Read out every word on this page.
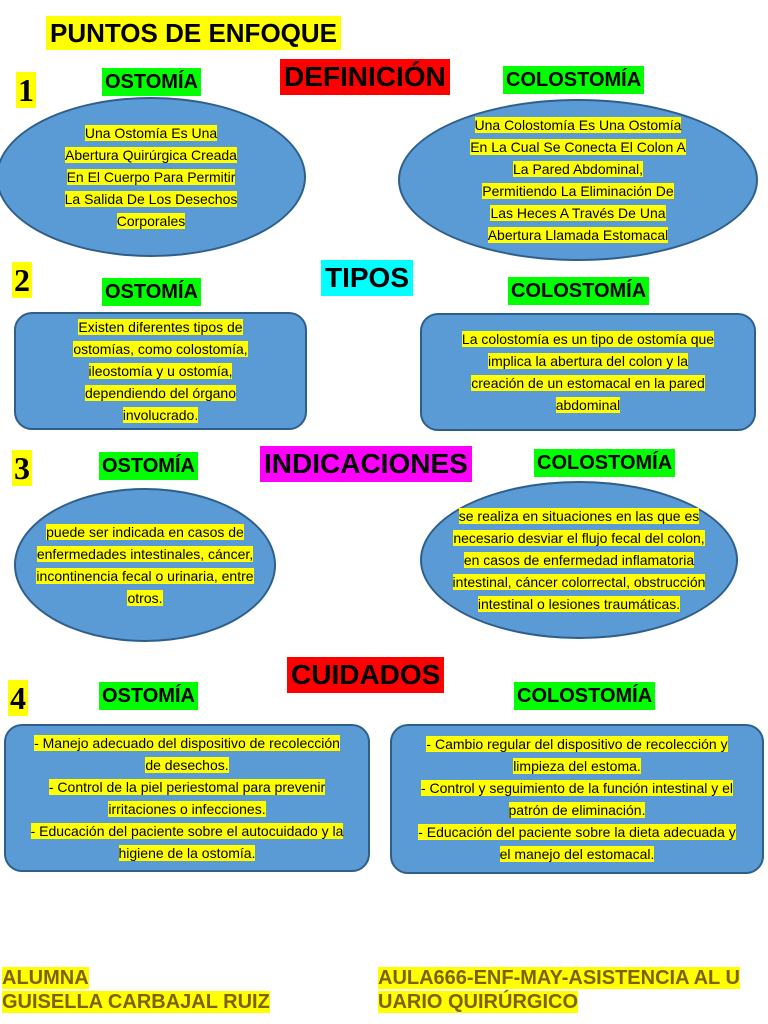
PUNTOS DE ENFOQUE
1
2
3
4
DEFINICIÓN
TIPOS
INDICACIONES
CUIDADOS
OSTOMÍA	COLOSTOMÍA
OSTOMÍA	COLOSTOMÍA
OSTOMÍA	COLOSTOMÍA
OSTOMÍA	COLOSTOMÍA
Una Ostomía Es Una
Abertura Quirúrgica Creada
En El Cuerpo Para Permitir
La Salida De Los Desechos
Corporales
Una Colostomía Es Una Ostomía
En La Cual Se Conecta El Colon A
La Pared Abdominal,
Permitiendo La Eliminación De
Las Heces A Través De Una
Abertura Llamada Estomacal
Existen diferentes tipos de
ostomías, como colostomía,
ileostomía y u ostomía,
dependiendo del órgano
involucrado.
La colostomía es un tipo de ostomía que
implica la abertura del colon y la
creación de un estomacal en la pared
abdominal
puede ser indicada en casos de
enfermedades intestinales, cáncer,
incontinencia fecal o urinaria, entre
otros.
se realiza en situaciones en las que es
necesario desviar el flujo fecal del colon,
en casos de enfermedad inflamatoria
intestinal, cáncer colorrectal, obstrucción
intestinal o lesiones traumáticas.
- Manejo adecuado del dispositivo de recolección
de desechos.
- Control de la piel periestomal para prevenir
irritaciones o infecciones.
- Educación del paciente sobre el autocuidado y la
higiene de la ostomía.
- Cambio regular del dispositivo de recolección y
limpieza del estoma.
- Control y seguimiento de la función intestinal y el
patrón de eliminación.
- Educación del paciente sobre la dieta adecuada y
el manejo del estomacal.
ALUMNA
GUISELLA CARBAJAL RUIZ
AULA666-ENF-MAY-ASISTENCIA AL U
UARIO QUIRÚRGICO
